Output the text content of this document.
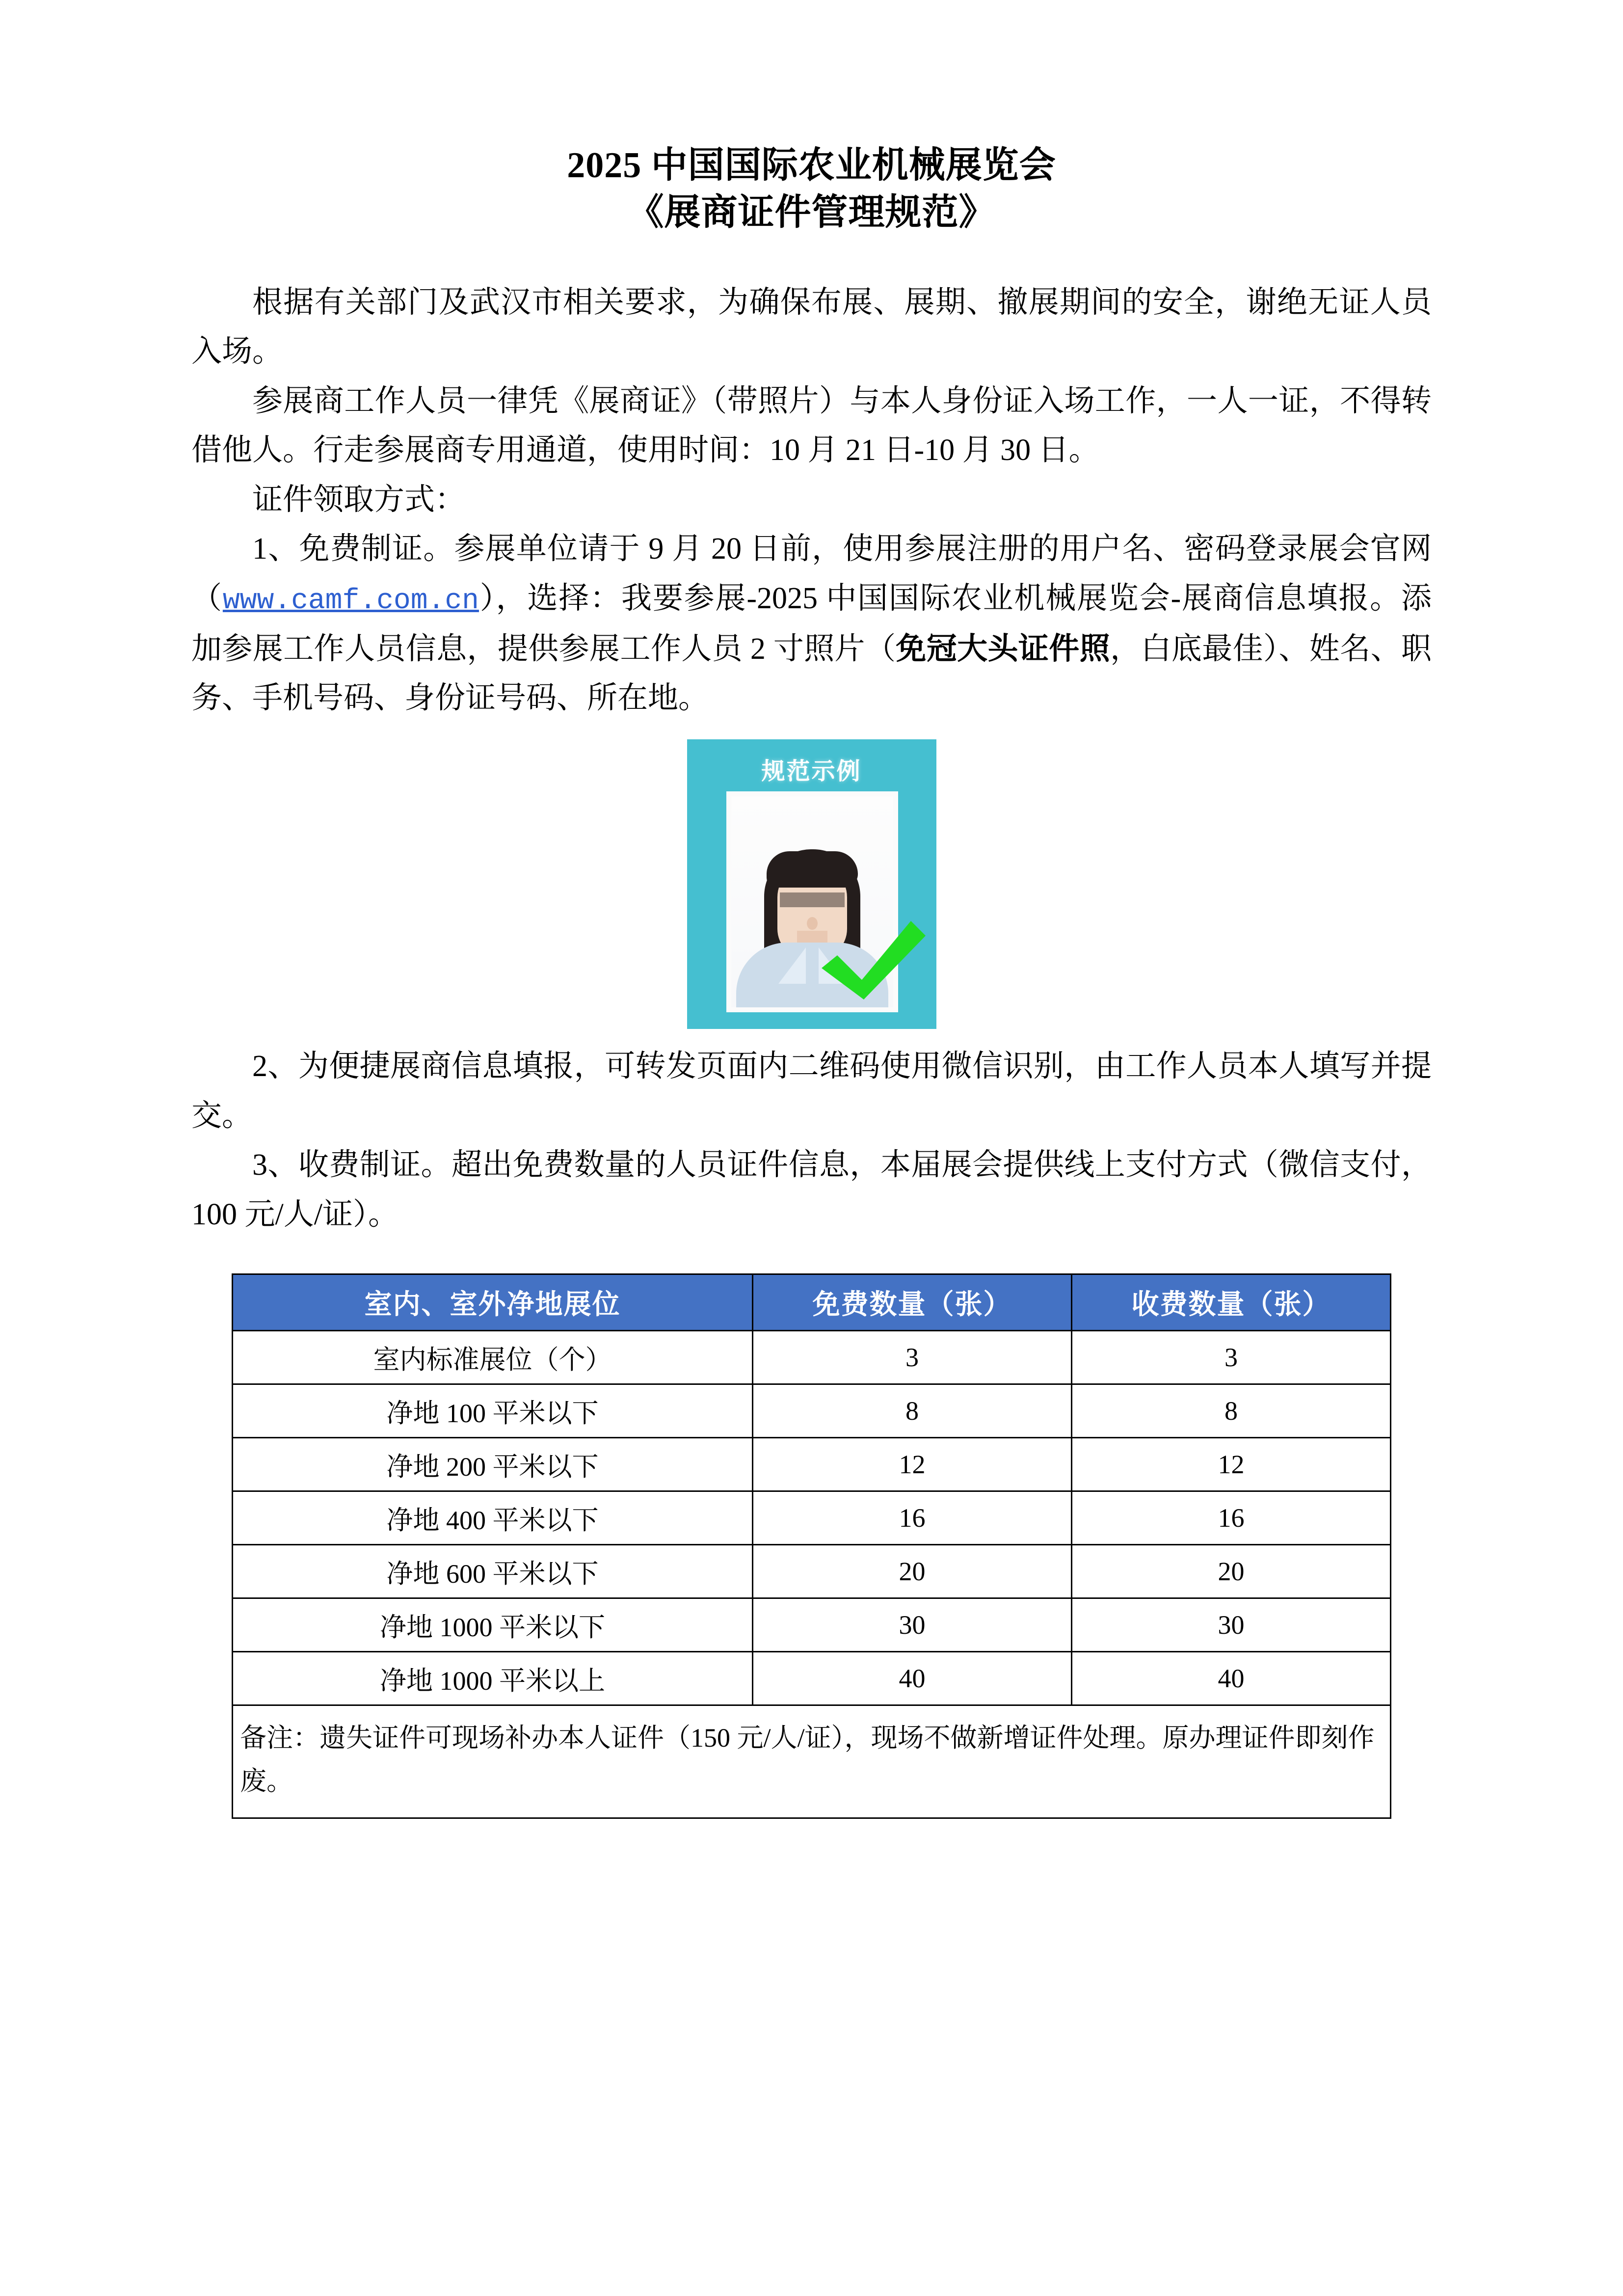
2025 中国国际农业机械展览会
《展商证件管理规范》

根据有关部门及武汉市相关要求，为确保布展、展期、撤展期间的安全，谢绝无证人员入场。

参展商工作人员一律凭《展商证》（带照片）与本人身份证入场工作，一人一证，不得转借他人。行走参展商专用通道，使用时间：10 月 21 日-10 月 30 日。

证件领取方式：

1、免费制证。参展单位请于 9 月 20 日前，使用参展注册的用户名、密码登录展会官网（www.camf.com.cn），选择：我要参展-2025 中国国际农业机械展览会-展商信息填报。添加参展工作人员信息，提供参展工作人员 2 寸照片（免冠大头证件照，白底最佳）、姓名、职务、手机号码、身份证号码、所在地。

规范示例

2、为便捷展商信息填报，可转发页面内二维码使用微信识别，由工作人员本人填写并提交。

3、收费制证。超出免费数量的人员证件信息，本届展会提供线上支付方式（微信支付，100 元/人/证）。

室内、室外净地展位	免费数量（张）	收费数量（张）
室内标准展位（个）	3	3
净地 100 平米以下	8	8
净地 200 平米以下	12	12
净地 400 平米以下	16	16
净地 600 平米以下	20	20
净地 1000 平米以下	30	30
净地 1000 平米以上	40	40
备注：遗失证件可现场补办本人证件（150 元/人/证），现场不做新增证件处理。原办理证件即刻作废。		
